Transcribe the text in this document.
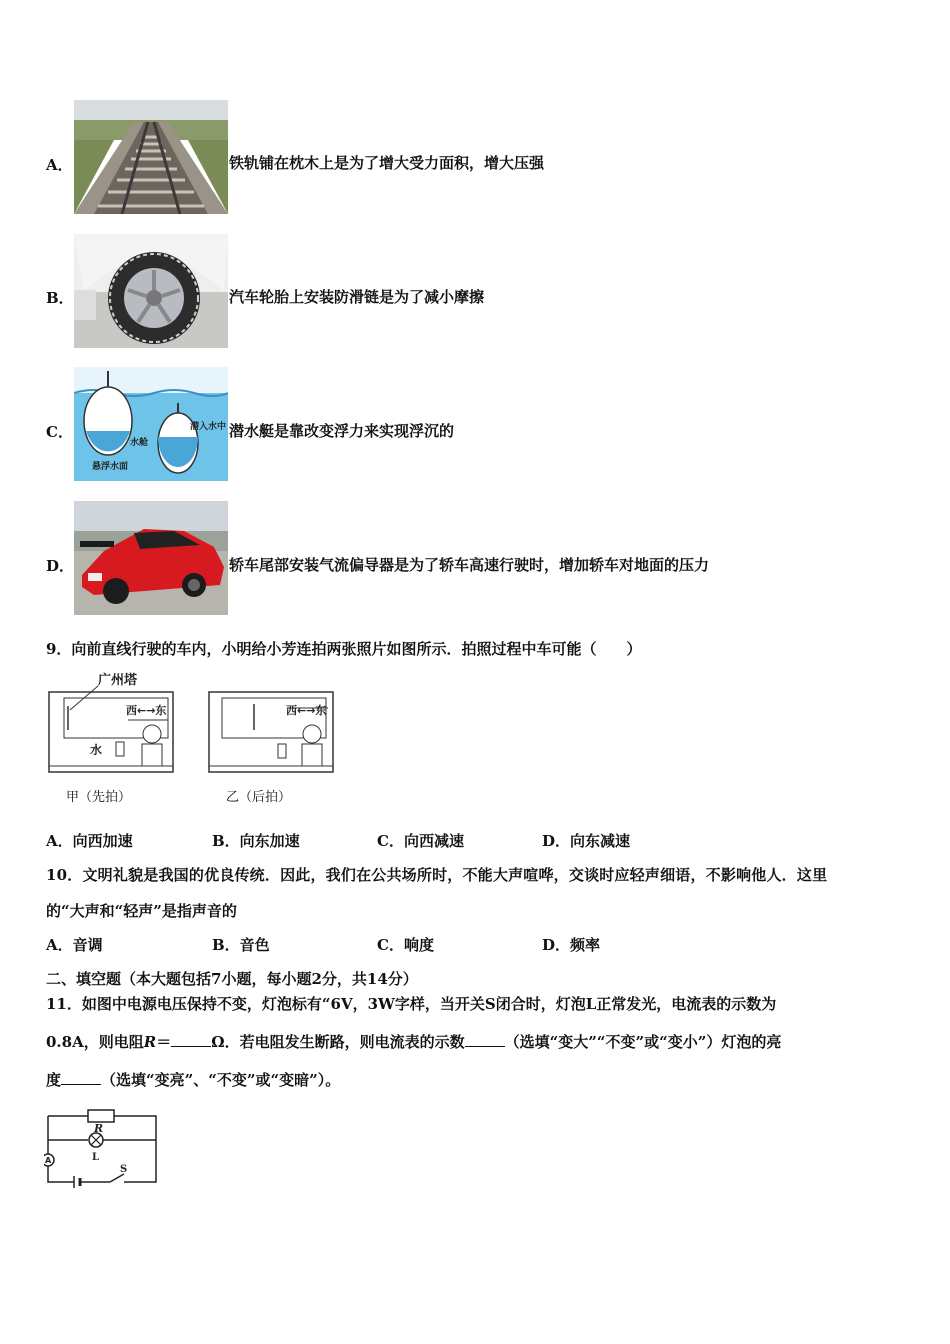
A．	铁轨铺在枕木上是为了增大受力面积，增大压强
B．	汽车轮胎上安装防滑链是为了减小摩擦
C．	潜入水中
水舱
悬浮水面
潜水艇是靠改变浮力来实现浮沉的
D．	轿车尾部安装气流偏导器是为了轿车高速行驶时，增加轿车对地面的压力
9．向前直线行驶的车内，小明给小芳连拍两张照片如图所示．拍照过程中车可能（　　）
广州塔
西←→东	西←→东
水
甲（先拍）	乙（后拍）
A．向西加速	B．向东加速	C．向西减速	D．向东减速
10．文明礼貌是我国的优良传统．因此，我们在公共场所时，不能大声喧哗，交谈时应轻声细语，不影响他人．这里
的“大声和“轻声”是指声音的
A．音调	B．音色	C．响度	D．频率
二、填空题（本大题包括7小题，每小题2分，共14分）
11．如图中电源电压保持不变，灯泡标有“6V，3W字样，当开关S闭合时，灯泡L正常发光，电流表的示数为
0.8A，则电阻R＝	Ω．若电阻发生断路，则电流表的示数	（选填“变大”“不变”或“变小”）灯泡的亮
度	（选填“变亮”、“不变”或“变暗”）。
R
L
S
A
